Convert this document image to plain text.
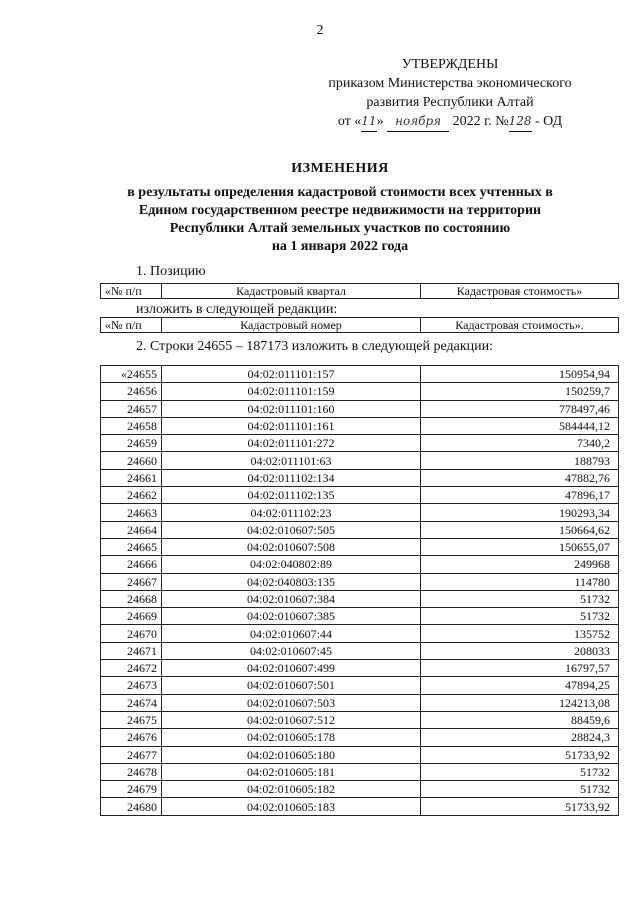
2
УТВЕРЖДЕНЫ
приказом Министерства экономического
развития Республики Алтай
от «11» ноября 2022 г. №128 - ОД
ИЗМЕНЕНИЯ
в результаты определения кадастровой стоимости всех учтенных в
Едином государственном реестре недвижимости на территории
Республики Алтай земельных участков по состоянию
на 1 января 2022 года
1. Позицию
«№ п/п	Кадастровый квартал	Кадастровая стоимость»
изложить в следующей редакции:
«№ п/п	Кадастровый номер	Кадастровая стоимость».
2. Строки 24655 – 187173 изложить в следующей редакции:
«24655	04:02:011101:157	150954,94
24656	04:02:011101:159	150259,7
24657	04:02:011101:160	778497,46
24658	04:02:011101:161	584444,12
24659	04:02:011101:272	7340,2
24660	04:02:011101:63	188793
24661	04:02:011102:134	47882,76
24662	04:02:011102:135	47896,17
24663	04:02:011102:23	190293,34
24664	04:02:010607:505	150664,62
24665	04:02:010607:508	150655,07
24666	04:02:040802:89	249968
24667	04:02:040803:135	114780
24668	04:02:010607:384	51732
24669	04:02:010607:385	51732
24670	04:02:010607:44	135752
24671	04:02:010607:45	208033
24672	04:02:010607:499	16797,57
24673	04:02:010607:501	47894,25
24674	04:02:010607:503	124213,08
24675	04:02:010607:512	88459,6
24676	04:02:010605:178	28824,3
24677	04:02:010605:180	51733,92
24678	04:02:010605:181	51732
24679	04:02:010605:182	51732
24680	04:02:010605:183	51733,92
